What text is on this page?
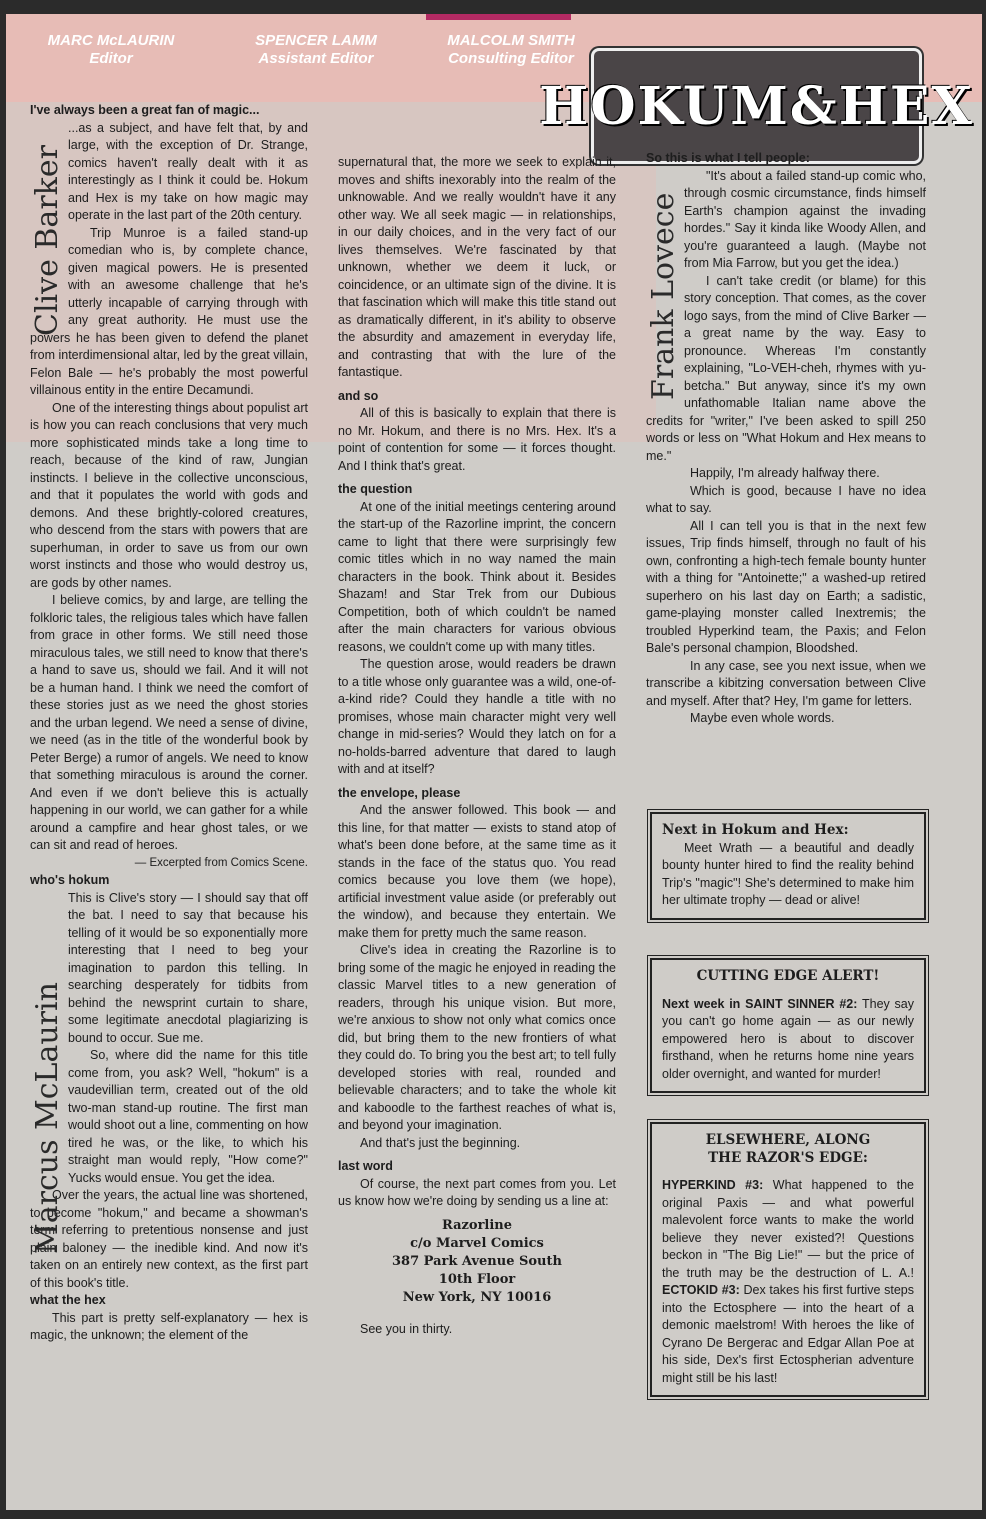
MARC McLAURIN
Editor
SPENCER LAMM
Assistant Editor
MALCOLM SMITH
Consulting Editor
HOKUM&HEX

I've always been a great fan of magic...

...as a subject, and have felt that, by and large, with the exception of Dr. Strange, comics haven't really dealt with it as interestingly as I think it could be. Hokum and Hex is my take on how magic may operate in the last part of the 20th century.

Trip Munroe is a failed stand-up comedian who is, by complete chance, given magical powers. He is presented with an awesome challenge that he's utterly incapable of carrying through with any great authority. He must use the powers he has been given to defend the planet from interdimensional altar, led by the great villain, Felon Bale — he's probably the most powerful villainous entity in the entire Decamundi.

One of the interesting things about populist art is how you can reach conclusions that very much more sophisticated minds take a long time to reach, because of the kind of raw, Jungian instincts. I believe in the collective unconscious, and that it populates the world with gods and demons. And these brightly-colored creatures, who descend from the stars with powers that are superhuman, in order to save us from our own worst instincts and those who would destroy us, are gods by other names.

I believe comics, by and large, are telling the folkloric tales, the religious tales which have fallen from grace in other forms. We still need those miraculous tales, we still need to know that there's a hand to save us, should we fail. And it will not be a human hand. I think we need the comfort of these stories just as we need the ghost stories and the urban legend. We need a sense of divine, we need (as in the title of the wonderful book by Peter Berge) a rumor of angels. We need to know that something miraculous is around the corner. And even if we don't believe this is actually happening in our world, we can gather for a while around a campfire and hear ghost tales, or we can sit and read of heroes.

— Excerpted from Comics Scene.

who's hokum

This is Clive's story — I should say that off the bat. I need to say that because his telling of it would be so exponentially more interesting that I need to beg your imagination to pardon this telling. In searching desperately for tidbits from behind the newsprint curtain to share, some legitimate anecdotal plagiarizing is bound to occur. Sue me.

So, where did the name for this title come from, you ask? Well, "hokum" is a vaudevillian term, created out of the old two-man stand-up routine. The first man would shoot out a line, commenting on how tired he was, or the like, to which his straight man would reply, "How come?" Yucks would ensue. You get the idea.

Over the years, the actual line was shortened, to become "hokum," and became a showman's term referring to pretentious nonsense and just plain baloney — the inedible kind. And now it's taken on an entirely new context, as the first part of this book's title.

what the hex

This part is pretty self-explanatory — hex is magic, the unknown; the element of the

Clive Barker
Marcus McLaurin

supernatural that, the more we seek to explain it, moves and shifts inexorably into the realm of the unknowable. And we really wouldn't have it any other way. We all seek magic — in relationships, in our daily choices, and in the very fact of our lives themselves. We're fascinated by that unknown, whether we deem it luck, or coincidence, or an ultimate sign of the divine. It is that fascination which will make this title stand out as dramatically different, in it's ability to observe the absurdity and amazement in everyday life, and contrasting that with the lure of the fantastique.

and so

All of this is basically to explain that there is no Mr. Hokum, and there is no Mrs. Hex. It's a point of contention for some — it forces thought. And I think that's great.

the question

At one of the initial meetings centering around the start-up of the Razorline imprint, the concern came to light that there were surprisingly few comic titles which in no way named the main characters in the book. Think about it. Besides Shazam! and Star Trek from our Dubious Competition, both of which couldn't be named after the main characters for various obvious reasons, we couldn't come up with many titles.

The question arose, would readers be drawn to a title whose only guarantee was a wild, one-of-a-kind ride? Could they handle a title with no promises, whose main character might very well change in mid-series? Would they latch on for a no-holds-barred adventure that dared to laugh with and at itself?

the envelope, please

And the answer followed. This book — and this line, for that matter — exists to stand atop of what's been done before, at the same time as it stands in the face of the status quo. You read comics because you love them (we hope), artificial investment value aside (or preferably out the window), and because they entertain. We make them for pretty much the same reason.

Clive's idea in creating the Razorline is to bring some of the magic he enjoyed in reading the classic Marvel titles to a new generation of readers, through his unique vision. But more, we're anxious to show not only what comics once did, but bring them to the new frontiers of what they could do. To bring you the best art; to tell fully developed stories with real, rounded and believable characters; and to take the whole kit and kaboodle to the farthest reaches of what is, and beyond your imagination.

And that's just the beginning.

last word

Of course, the next part comes from you. Let us know how we're doing by sending us a line at:

Razorline
c/o Marvel Comics
387 Park Avenue South
10th Floor
New York, NY 10016

See you in thirty.

So this is what I tell people:

"It's about a failed stand-up comic who, through cosmic circumstance, finds himself Earth's champion against the invading hordes." Say it kinda like Woody Allen, and you're guaranteed a laugh. (Maybe not from Mia Farrow, but you get the idea.)

I can't take credit (or blame) for this story conception. That comes, as the cover logo says, from the mind of Clive Barker — a great name by the way. Easy to pronounce. Whereas I'm constantly explaining, "Lo-VEH-cheh, rhymes with yu-betcha." But anyway, since it's my own unfathomable Italian name above the credits for "writer," I've been asked to spill 250 words or less on "What Hokum and Hex means to me."

Happily, I'm already halfway there.

Which is good, because I have no idea what to say.

All I can tell you is that in the next few issues, Trip finds himself, through no fault of his own, confronting a high-tech female bounty hunter with a thing for "Antoinette;" a washed-up retired superhero on his last day on Earth; a sadistic, game-playing monster called Inextremis; the troubled Hyperkind team, the Paxis; and Felon Bale's personal champion, Bloodshed.

In any case, see you next issue, when we transcribe a kibitzing conversation between Clive and myself. After that? Hey, I'm game for letters.

Maybe even whole words.

Frank Lovece
Next in Hokum and Hex:

Meet Wrath — a beautiful and deadly bounty hunter hired to find the reality behind Trip's "magic"! She's determined to make him her ultimate trophy — dead or alive!

CUTTING EDGE ALERT!

Next week in SAINT SINNER #2: They say you can't go home again — as our newly empowered hero is about to discover firsthand, when he returns home nine years older overnight, and wanted for murder!

ELSEWHERE, ALONG THE RAZOR'S EDGE:

HYPERKIND #3: What happened to the original Paxis — and what powerful malevolent force wants to make the world believe they never existed?! Questions beckon in "The Big Lie!" — but the price of the truth may be the destruction of L. A.! ECTOKID #3: Dex takes his first furtive steps into the Ectosphere — into the heart of a demonic maelstrom! With heroes the like of Cyrano De Bergerac and Edgar Allan Poe at his side, Dex's first Ectospherian adventure might still be his last!
